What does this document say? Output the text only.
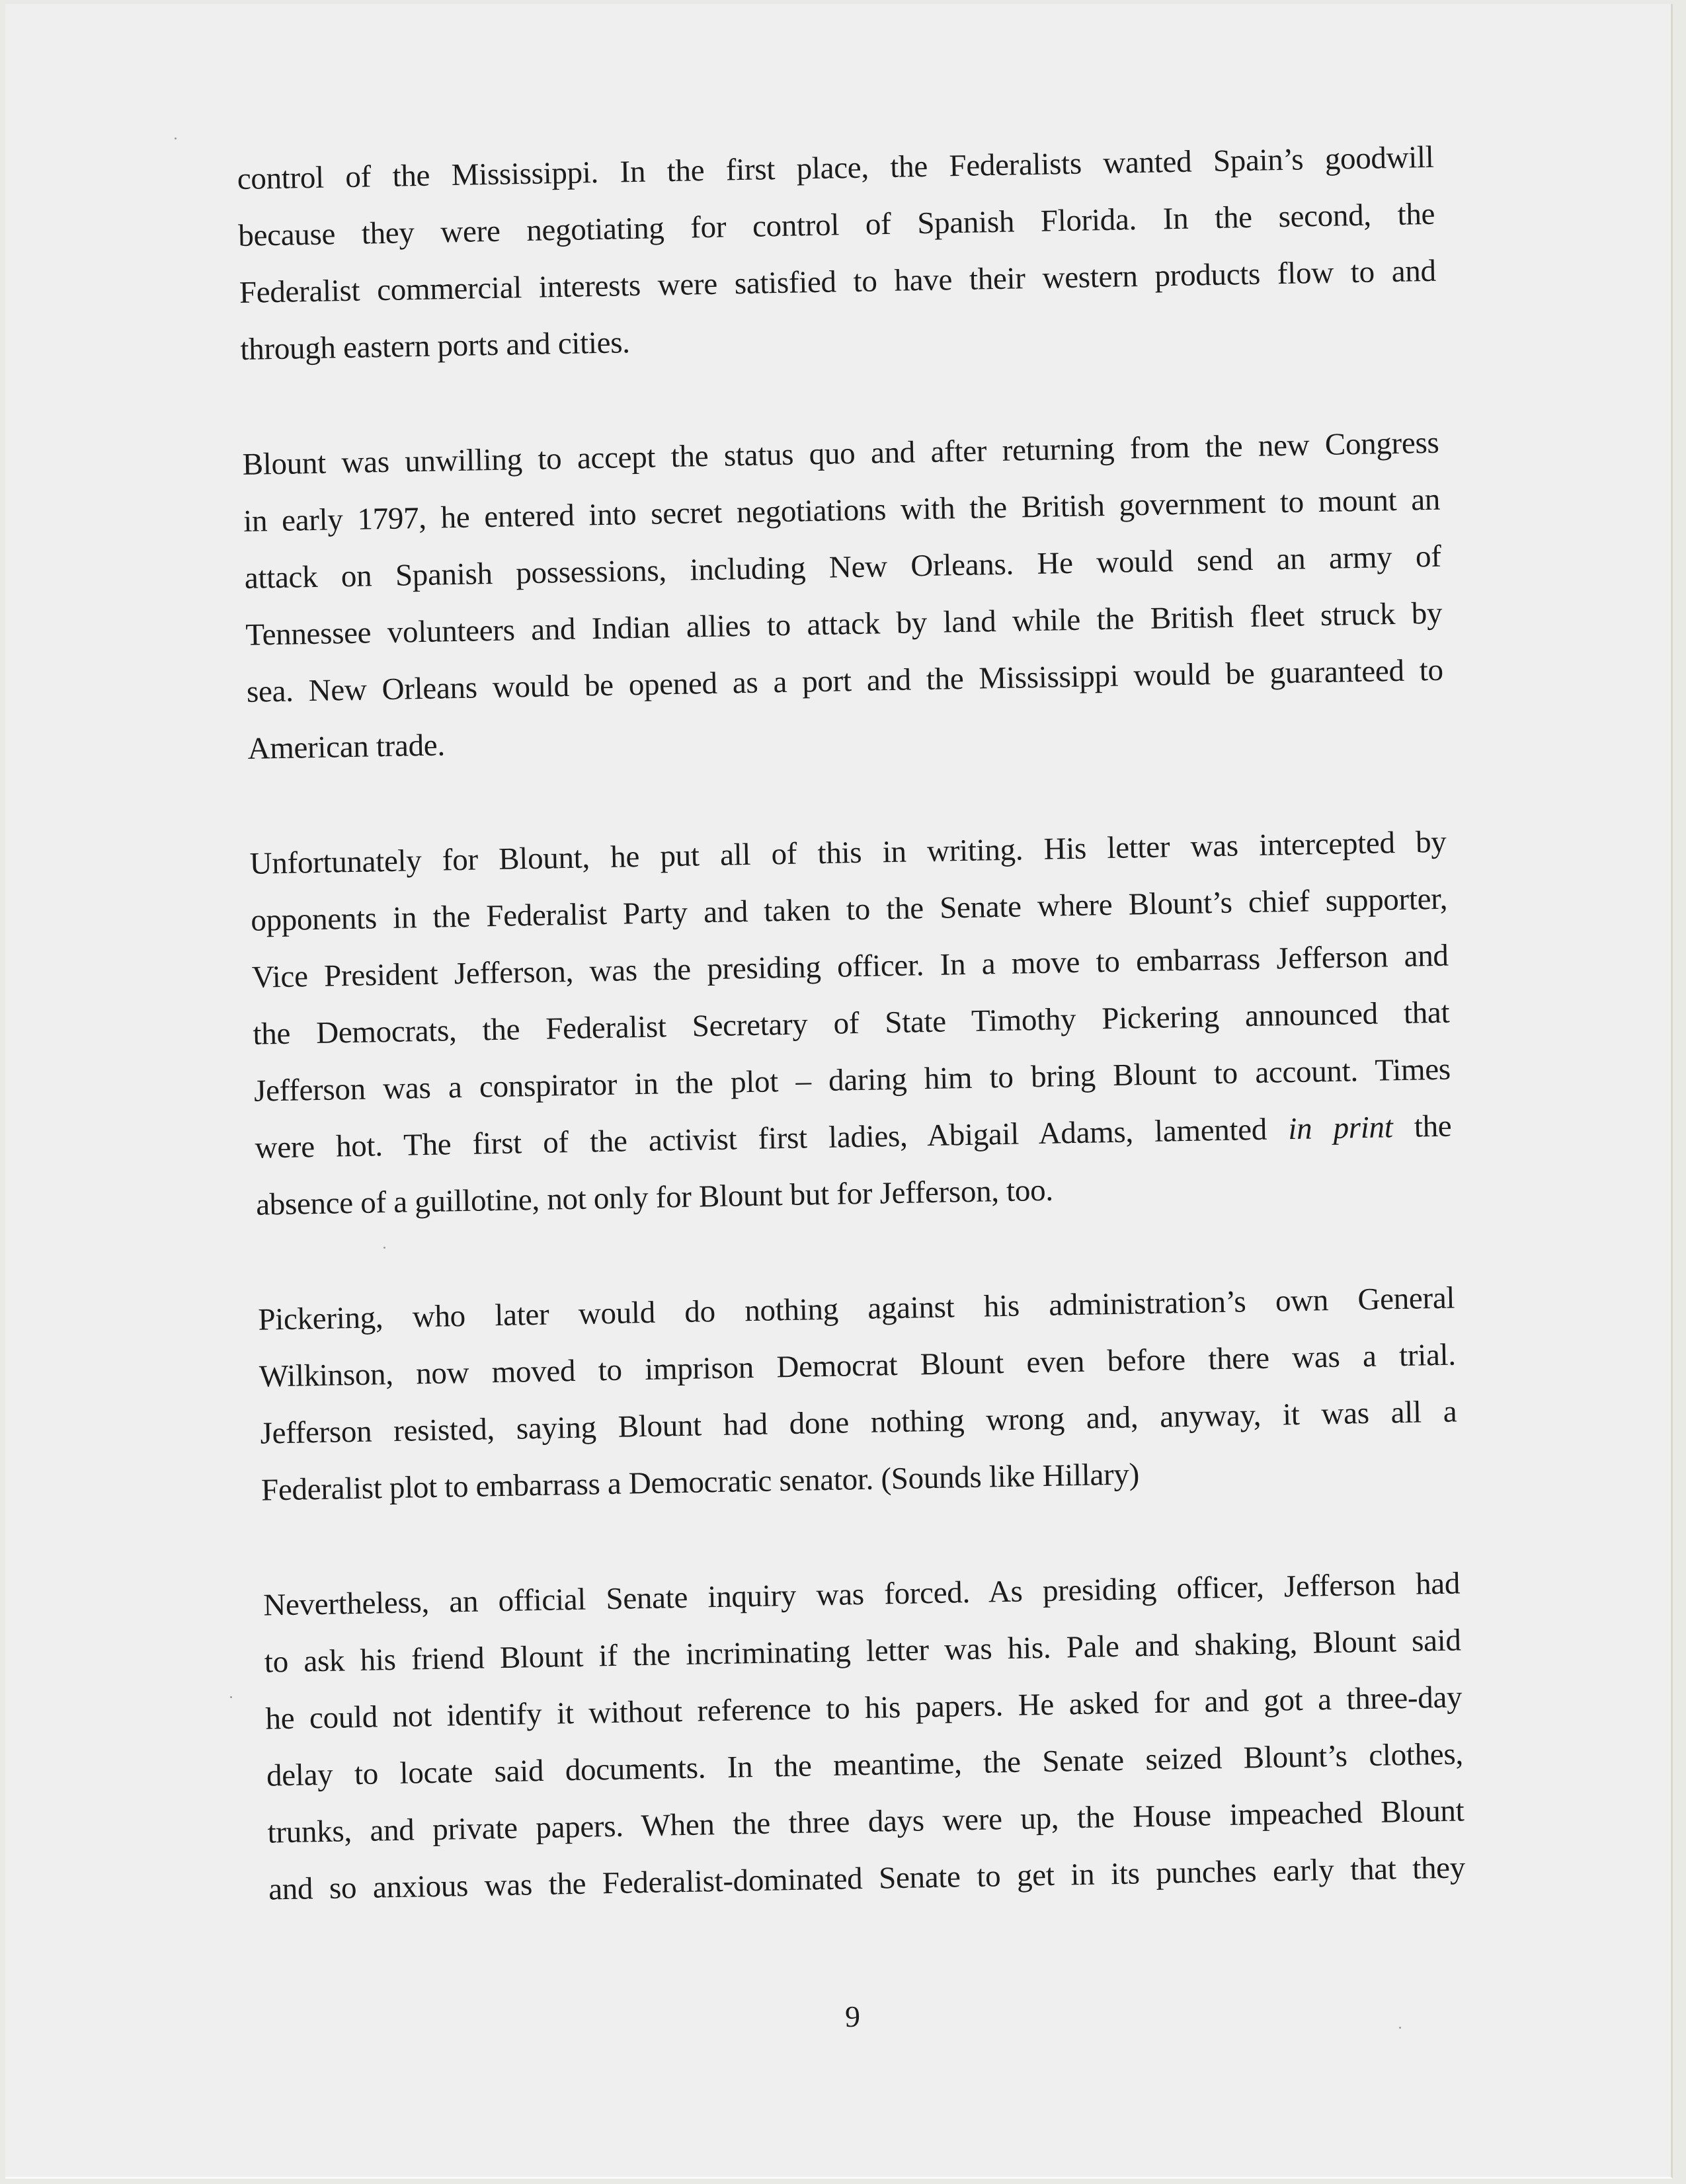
control of the Mississippi. In the first place, the Federalists wanted Spain’s goodwill
because they were negotiating for control of Spanish Florida. In the second, the
Federalist commercial interests were satisfied to have their western products flow to and
through eastern ports and cities.
Blount was unwilling to accept the status quo and after returning from the new Congress
in early 1797, he entered into secret negotiations with the British government to mount an
attack on Spanish possessions, including New Orleans. He would send an army of
Tennessee volunteers and Indian allies to attack by land while the British fleet struck by
sea. New Orleans would be opened as a port and the Mississippi would be guaranteed to
American trade.
Unfortunately for Blount, he put all of this in writing. His letter was intercepted by
opponents in the Federalist Party and taken to the Senate where Blount’s chief supporter,
Vice President Jefferson, was the presiding officer. In a move to embarrass Jefferson and
the Democrats, the Federalist Secretary of State Timothy Pickering announced that
Jefferson was a conspirator in the plot – daring him to bring Blount to account. Times
were hot. The first of the activist first ladies, Abigail Adams, lamented in print the
absence of a guillotine, not only for Blount but for Jefferson, too.
Pickering, who later would do nothing against his administration’s own General
Wilkinson, now moved to imprison Democrat Blount even before there was a trial.
Jefferson resisted, saying Blount had done nothing wrong and, anyway, it was all a
Federalist plot to embarrass a Democratic senator. (Sounds like Hillary)
Nevertheless, an official Senate inquiry was forced. As presiding officer, Jefferson had
to ask his friend Blount if the incriminating letter was his. Pale and shaking, Blount said
he could not identify it without reference to his papers. He asked for and got a three-day
delay to locate said documents. In the meantime, the Senate seized Blount’s clothes,
trunks, and private papers. When the three days were up, the House impeached Blount
and so anxious was the Federalist-dominated Senate to get in its punches early that they
9
